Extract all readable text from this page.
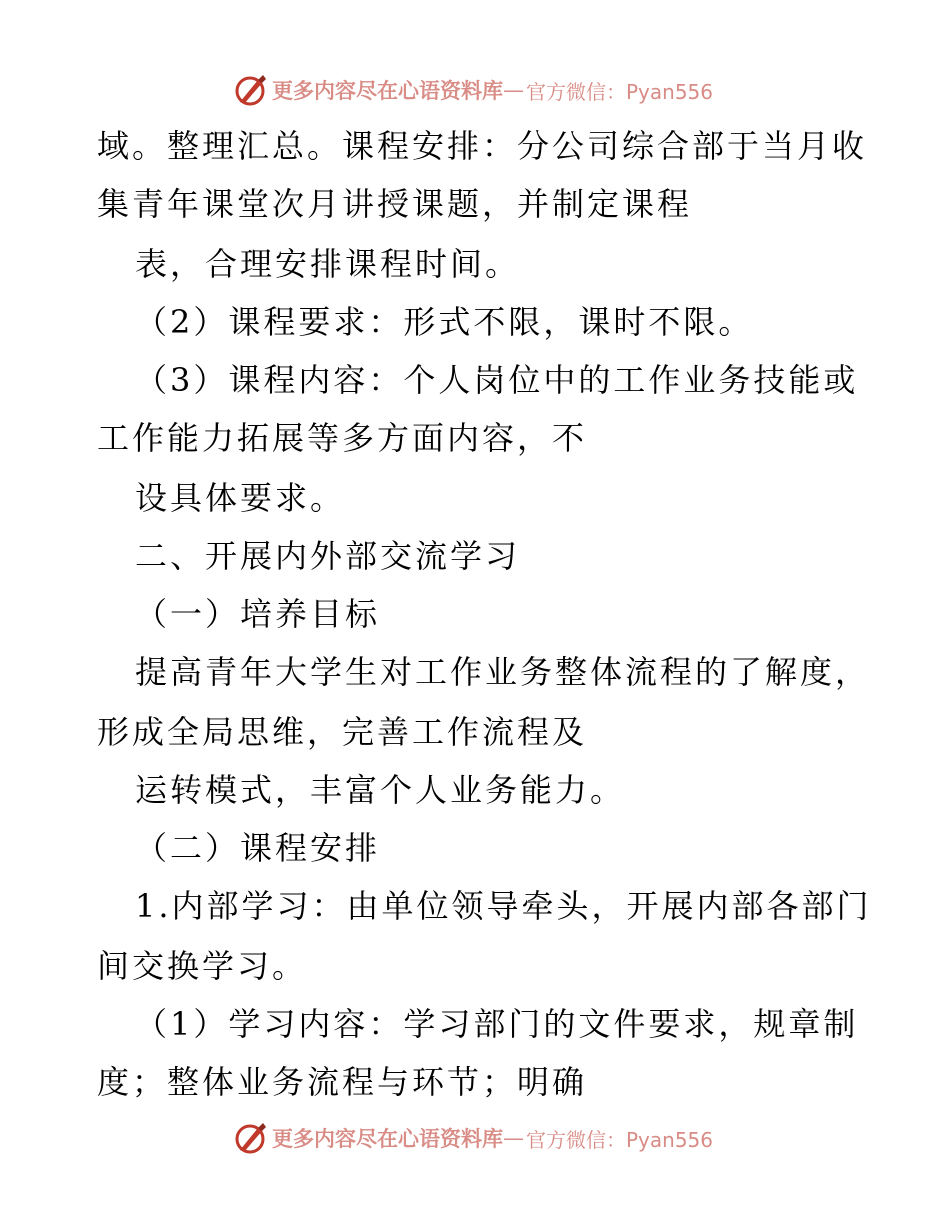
更多内容尽在心语资料库 — 官方微信：Pyan556
域。整理汇总。课程安排：分公司综合部于当月收
集青年课堂次月讲授课题，并制定课程
表，合理安排课程时间。
（2）课程要求：形式不限，课时不限。
（3）课程内容：个人岗位中的工作业务技能或
工作能力拓展等多方面内容，不
设具体要求。
二、开展内外部交流学习
（一）培养目标
提高青年大学生对工作业务整体流程的了解度，
形成全局思维，完善工作流程及
运转模式，丰富个人业务能力。
（二）课程安排
1.内部学习：由单位领导牵头，开展内部各部门
间交换学习。
（1）学习内容：学习部门的文件要求，规章制
度；整体业务流程与环节；明确
更多内容尽在心语资料库 — 官方微信：Pyan556
